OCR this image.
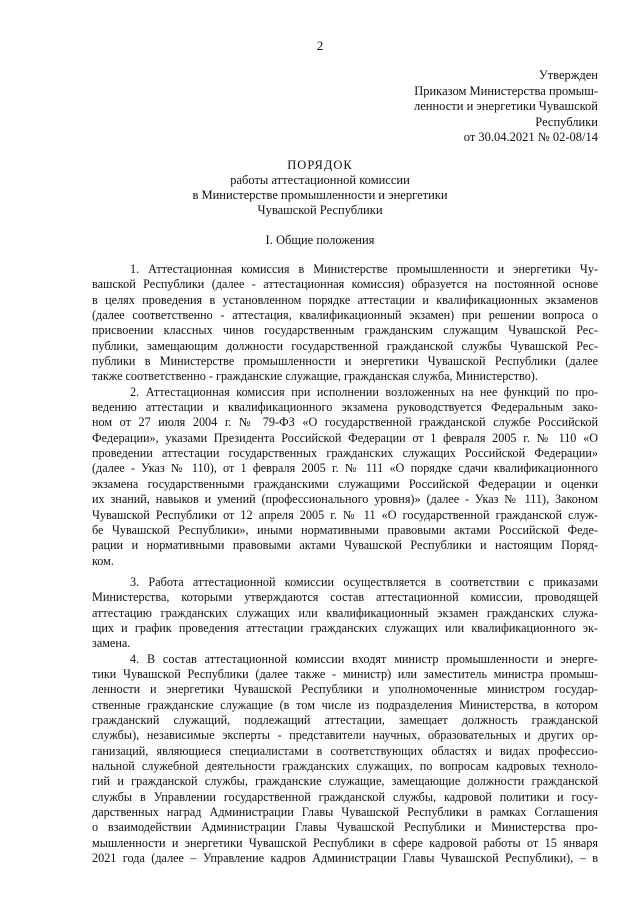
2
Утвержден
Приказом Министерства промыш-
ленности и энергетики Чувашской
Республики
от 30.04.2021 № 02-08/14
ПОРЯДОК
работы аттестационной комиссии
в Министерстве промышленности и энергетики
Чувашской Республики
I. Общие положения
1. Аттестационная комиссия в Министерстве промышленности и энергетики Чу-
вашской Республики (далее - аттестационная комиссия) образуется на постоянной основе
в целях проведения в установленном порядке аттестации и квалификационных экзаменов
(далее соответственно - аттестация, квалификационный экзамен) при решении вопроса о
присвоении классных чинов государственным гражданским служащим Чувашской Рес-
публики, замещающим должности государственной гражданской службы Чувашской Рес-
публики в Министерстве промышленности и энергетики Чувашской Республики (далее
также соответственно - гражданские служащие, гражданская служба, Министерство).
2. Аттестационная комиссия при исполнении возложенных на нее функций по про-
ведению аттестации и квалификационного экзамена руководствуется Федеральным зако-
ном от 27 июля 2004 г. № 79-ФЗ «О государственной гражданской службе Российской
Федерации», указами Президента Российской Федерации от 1 февраля 2005 г. № 110 «О
проведении аттестации государственных гражданских служащих Российской Федерации»
(далее - Указ № 110), от 1 февраля 2005 г. № 111 «О порядке сдачи квалификационного
экзамена государственными гражданскими служащими Российской Федерации и оценки
их знаний, навыков и умений (профессионального уровня)» (далее - Указ № 111), Законом
Чувашской Республики от 12 апреля 2005 г. № 11 «О государственной гражданской служ-
бе Чувашской Республики», иными нормативными правовыми актами Российской Феде-
рации и нормативными правовыми актами Чувашской Республики и настоящим Поряд-
ком.
3. Работа аттестационной комиссии осуществляется в соответствии с приказами
Министерства, которыми утверждаются состав аттестационной комиссии, проводящей
аттестацию гражданских служащих или квалификационный экзамен гражданских служа-
щих и график проведения аттестации гражданских служащих или квалификационного эк-
замена.
4. В состав аттестационной комиссии входят министр промышленности и энерге-
тики Чувашской Республики (далее также - министр) или заместитель министра промыш-
ленности и энергетики Чувашской Республики и уполномоченные министром государ-
ственные гражданские служащие (в том числе из подразделения Министерства, в котором
гражданский служащий, подлежащий аттестации, замещает должность гражданской
службы), независимые эксперты - представители научных, образовательных и других ор-
ганизаций, являющиеся специалистами в соответствующих областях и видах профессио-
нальной служебной деятельности гражданских служащих, по вопросам кадровых техноло-
гий и гражданской службы, гражданские служащие, замещающие должности гражданской
службы в Управлении государственной гражданской службы, кадровой политики и госу-
дарственных наград Администрации Главы Чувашской Республики в рамках Соглашения
о взаимодействии Администрации Главы Чувашской Республики и Министерства про-
мышленности и энергетики Чувашской Республики в сфере кадровой работы от 15 января
2021 года (далее – Управление кадров Администрации Главы Чувашской Республики), – в
